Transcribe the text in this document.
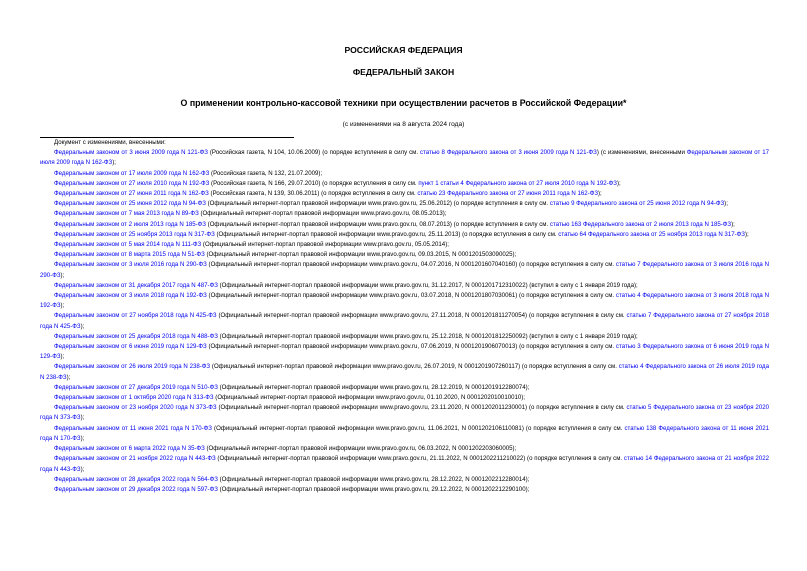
РОССИЙСКАЯ ФЕДЕРАЦИЯ
ФЕДЕРАЛЬНЫЙ ЗАКОН
О применении контрольно-кассовой техники при осуществлении расчетов в Российской Федерации*
(с изменениями на 8 августа 2024 года)
Документ с изменениями, внесенными:
Федеральным законом от 3 июня 2009 года N 121-ФЗ (Российская газета, N 104, 10.06.2009) (о порядке вступления в силу см. статью 8 Федерального закона от 3 июня 2009 года N 121-ФЗ) (с изменениями, внесенными Федеральным законом от 17 июля 2009 года N 162-ФЗ);
Федеральным законом от 17 июля 2009 года N 162-ФЗ (Российская газета, N 132, 21.07.2009);
Федеральным законом от 27 июля 2010 года N 192-ФЗ (Российская газета, N 166, 29.07.2010) (о порядке вступления в силу см. пункт 1 статьи 4 Федерального закона от 27 июля 2010 года N 192-ФЗ);
Федеральным законом от 27 июня 2011 года N 162-ФЗ (Российская газета, N 139, 30.06.2011) (о порядке вступления в силу см. статью 23 Федерального закона от 27 июня 2011 года N 162-ФЗ);
Федеральным законом от 25 июня 2012 года N 94-ФЗ (Официальный интернет-портал правовой информации www.pravo.gov.ru, 25.06.2012) (о порядке вступления в силу см. статью 9 Федерального закона от 25 июня 2012 года N 94-ФЗ);
Федеральным законом от 7 мая 2013 года N 89-ФЗ (Официальный интернет-портал правовой информации www.pravo.gov.ru, 08.05.2013);
Федеральным законом от 2 июля 2013 года N 185-ФЗ (Официальный интернет-портал правовой информации www.pravo.gov.ru, 08.07.2013) (о порядке вступления в силу см. статью 163 Федерального закона от 2 июля 2013 года N 185-ФЗ);
Федеральным законом от 25 ноября 2013 года N 317-ФЗ (Официальный интернет-портал правовой информации www.pravo.gov.ru, 25.11.2013) (о порядке вступления в силу см. статью 64 Федерального закона от 25 ноября 2013 года N 317-ФЗ);
Федеральным законом от 5 мая 2014 года N 111-ФЗ (Официальный интернет-портал правовой информации www.pravo.gov.ru, 05.05.2014);
Федеральным законом от 8 марта 2015 года N 51-ФЗ (Официальный интернет-портал правовой информации www.pravo.gov.ru, 09.03.2015, N 0001201503090025);
Федеральным законом от 3 июля 2016 года N 290-ФЗ (Официальный интернет-портал правовой информации www.pravo.gov.ru, 04.07.2016, N 0001201607040160) (о порядке вступления в силу см. статью 7 Федерального закона от 3 июля 2016 года N 290-ФЗ);
Федеральным законом от 31 декабря 2017 года N 487-ФЗ (Официальный интернет-портал правовой информации www.pravo.gov.ru, 31.12.2017, N 0001201712310022) (вступил в силу с 1 января 2019 года);
Федеральным законом от 3 июля 2018 года N 192-ФЗ (Официальный интернет-портал правовой информации www.pravo.gov.ru, 03.07.2018, N 0001201807030061) (о порядке вступления в силу см. статью 4 Федерального закона от 3 июля 2018 года N 192-ФЗ);
Федеральным законом от 27 ноября 2018 года N 425-ФЗ (Официальный интернет-портал правовой информации www.pravo.gov.ru, 27.11.2018, N 0001201811270054) (о порядке вступления в силу см. статью 7 Федерального закона от 27 ноября 2018 года N 425-ФЗ);
Федеральным законом от 25 декабря 2018 года N 488-ФЗ (Официальный интернет-портал правовой информации www.pravo.gov.ru, 25.12.2018, N 0001201812250092) (вступил в силу с 1 января 2019 года);
Федеральным законом от 6 июня 2019 года N 129-ФЗ (Официальный интернет-портал правовой информации www.pravo.gov.ru, 07.06.2019, N 0001201906070013) (о порядке вступления в силу см. статью 3 Федерального закона от 6 июня 2019 года N 129-ФЗ);
Федеральным законом от 26 июля 2019 года N 238-ФЗ (Официальный интернет-портал правовой информации www.pravo.gov.ru, 26.07.2019, N 0001201907260117) (о порядке вступления в силу см. статью 4 Федерального закона от 26 июля 2019 года N 238-ФЗ);
Федеральным законом от 27 декабря 2019 года N 510-ФЗ (Официальный интернет-портал правовой информации www.pravo.gov.ru, 28.12.2019, N 0001201912280074);
Федеральным законом от 1 октября 2020 года N 313-ФЗ (Официальный интернет-портал правовой информации www.pravo.gov.ru, 01.10.2020, N 0001202010010010);
Федеральным законом от 23 ноября 2020 года N 373-ФЗ (Официальный интернет-портал правовой информации www.pravo.gov.ru, 23.11.2020, N 0001202011230001) (о порядке вступления в силу см. статью 5 Федерального закона от 23 ноября 2020 года N 373-ФЗ);
Федеральным законом от 11 июня 2021 года N 170-ФЗ (Официальный интернет-портал правовой информации www.pravo.gov.ru, 11.06.2021, N 0001202106110081) (о порядке вступления в силу см. статью 138 Федерального закона от 11 июня 2021 года N 170-ФЗ);
Федеральным законом от 6 марта 2022 года N 35-ФЗ (Официальный интернет-портал правовой информации www.pravo.gov.ru, 06.03.2022, N 0001202203060005);
Федеральным законом от 21 ноября 2022 года N 443-ФЗ (Официальный интернет-портал правовой информации www.pravo.gov.ru, 21.11.2022, N 0001202211210022) (о порядке вступления в силу см. статью 14 Федерального закона от 21 ноября 2022 года N 443-ФЗ);
Федеральным законом от 28 декабря 2022 года N 564-ФЗ (Официальный интернет-портал правовой информации www.pravo.gov.ru, 28.12.2022, N 0001202212280014);
Федеральным законом от 29 декабря 2022 года N 597-ФЗ (Официальный интернет-портал правовой информации www.pravo.gov.ru, 29.12.2022, N 0001202212290100);
